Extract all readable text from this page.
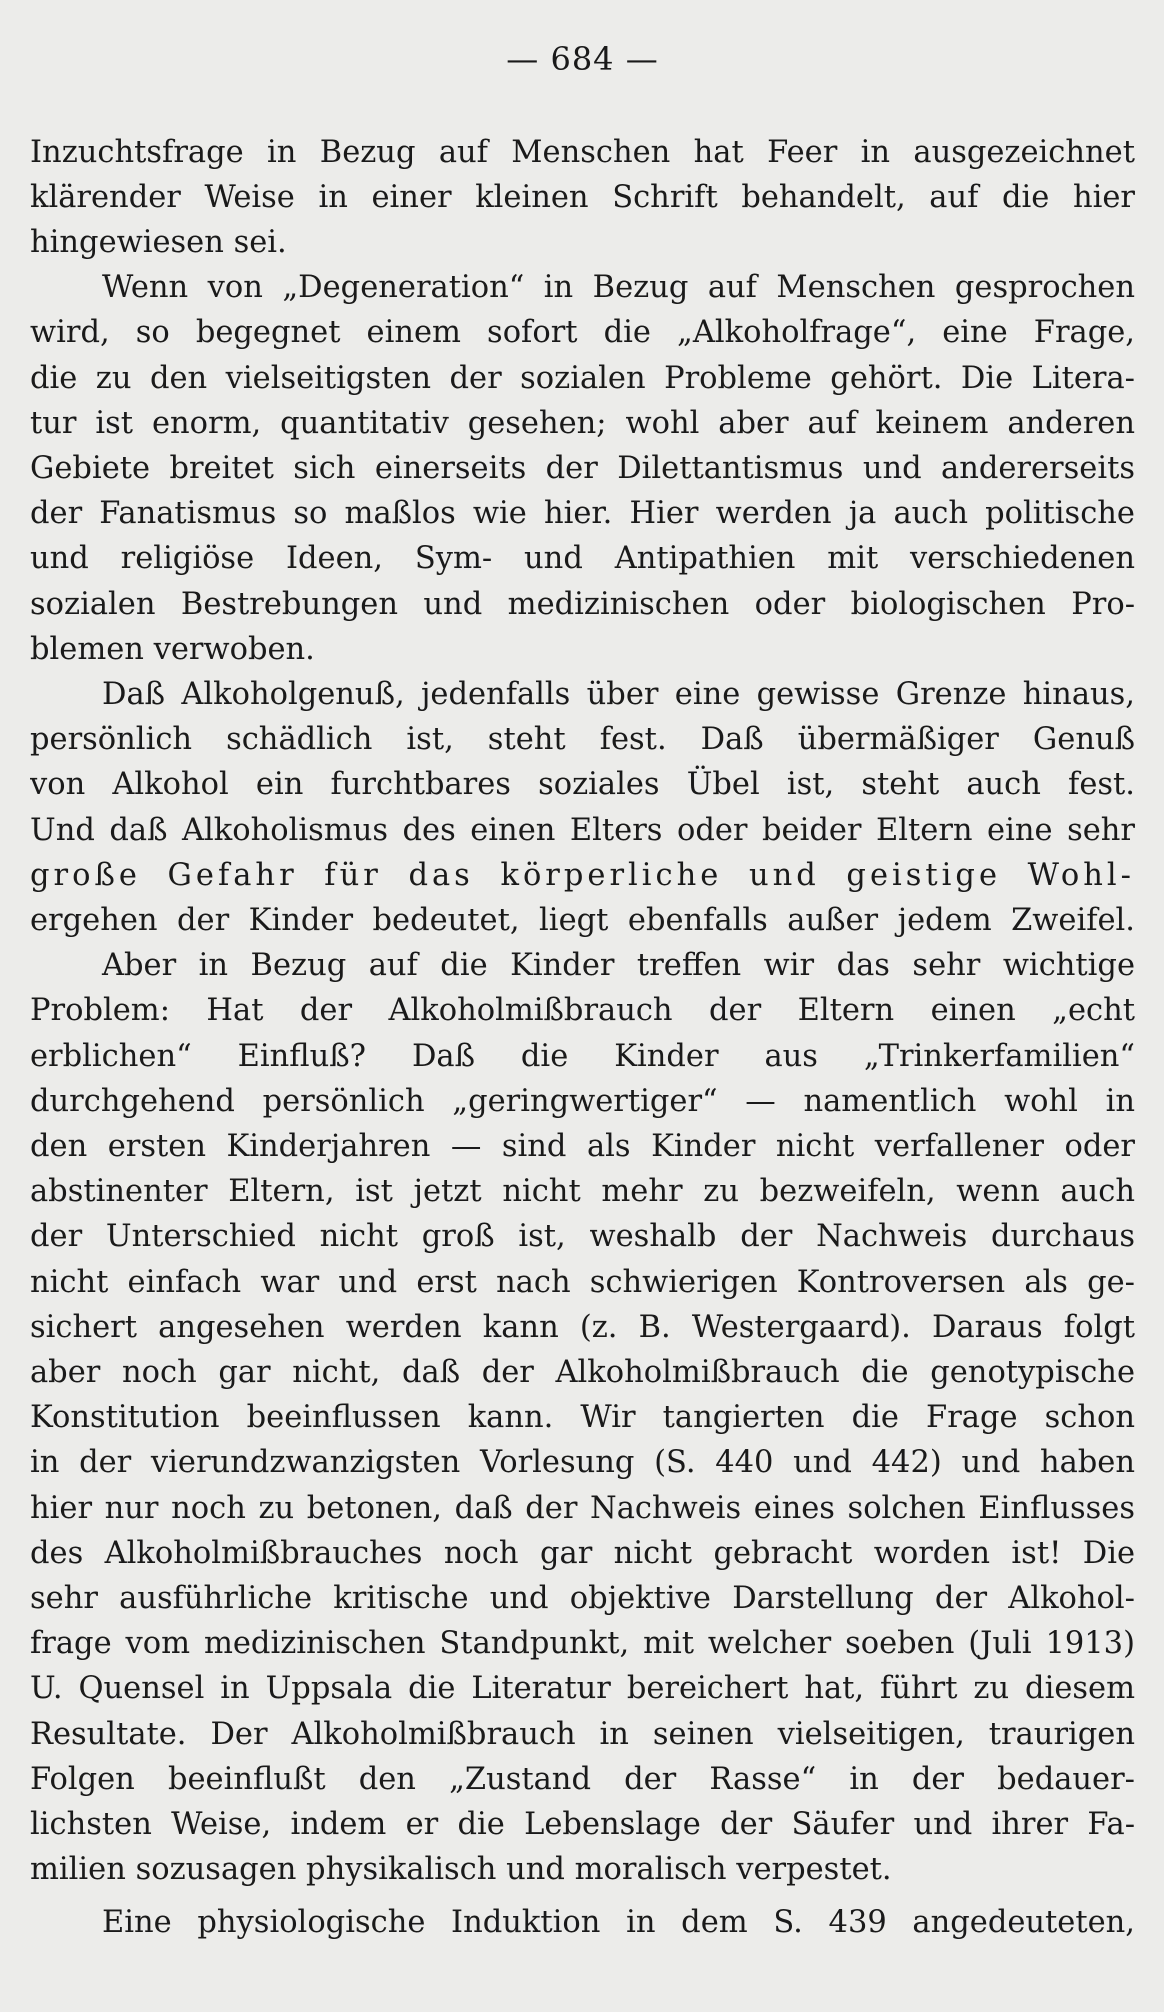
— 684 —
Inzuchtsfrage in Bezug auf Menschen hat Feer in ausgezeichnet
klärender Weise in einer kleinen Schrift behandelt, auf die hier
hingewiesen sei.
Wenn von „Degeneration“ in Bezug auf Menschen gesprochen
wird, so begegnet einem sofort die „Alkoholfrage“, eine Frage,
die zu den vielseitigsten der sozialen Probleme gehört. Die Litera-
tur ist enorm, quantitativ gesehen; wohl aber auf keinem anderen
Gebiete breitet sich einerseits der Dilettantismus und andererseits
der Fanatismus so maßlos wie hier. Hier werden ja auch politische
und religiöse Ideen, Sym- und Antipathien mit verschiedenen
sozialen Bestrebungen und medizinischen oder biologischen Pro-
blemen verwoben.
Daß Alkoholgenuß, jedenfalls über eine gewisse Grenze hinaus,
persönlich schädlich ist, steht fest. Daß übermäßiger Genuß
von Alkohol ein furchtbares soziales Übel ist, steht auch fest.
Und daß Alkoholismus des einen Elters oder beider Eltern eine sehr
große Gefahr für das körperliche und geistige Wohl-
ergehen der Kinder bedeutet, liegt ebenfalls außer jedem Zweifel.
Aber in Bezug auf die Kinder treffen wir das sehr wichtige
Problem: Hat der Alkoholmißbrauch der Eltern einen „echt
erblichen“ Einfluß? Daß die Kinder aus „Trinkerfamilien“
durchgehend persönlich „geringwertiger“ — namentlich wohl in
den ersten Kinderjahren — sind als Kinder nicht verfallener oder
abstinenter Eltern, ist jetzt nicht mehr zu bezweifeln, wenn auch
der Unterschied nicht groß ist, weshalb der Nachweis durchaus
nicht einfach war und erst nach schwierigen Kontroversen als ge-
sichert angesehen werden kann (z. B. Westergaard). Daraus folgt
aber noch gar nicht, daß der Alkoholmißbrauch die genotypische
Konstitution beeinflussen kann. Wir tangierten die Frage schon
in der vierundzwanzigsten Vorlesung (S. 440 und 442) und haben
hier nur noch zu betonen, daß der Nachweis eines solchen Einflusses
des Alkoholmißbrauches noch gar nicht gebracht worden ist! Die
sehr ausführliche kritische und objektive Darstellung der Alkohol-
frage vom medizinischen Standpunkt, mit welcher soeben (Juli 1913)
U. Quensel in Uppsala die Literatur bereichert hat, führt zu diesem
Resultate. Der Alkoholmißbrauch in seinen vielseitigen, traurigen
Folgen beeinflußt den „Zustand der Rasse“ in der bedauer-
lichsten Weise, indem er die Lebenslage der Säufer und ihrer Fa-
milien sozusagen physikalisch und moralisch verpestet.
Eine physiologische Induktion in dem S. 439 angedeuteten,
